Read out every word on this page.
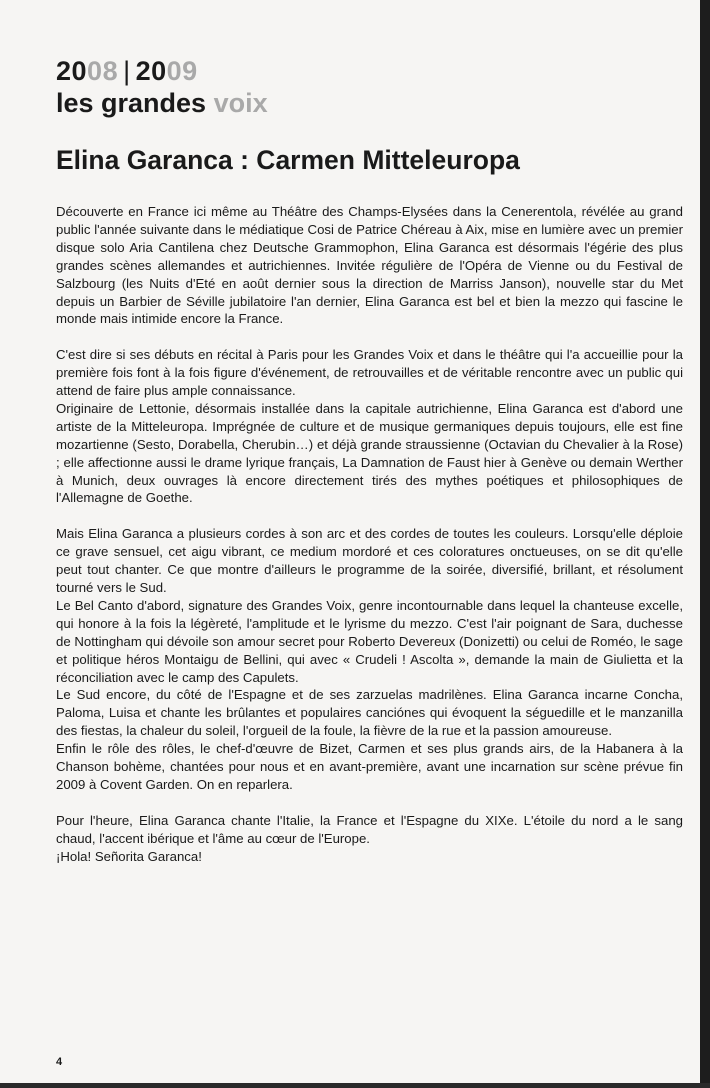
2008 | 2009
les grandes voix
Elina Garanca : Carmen Mitteleuropa

Découverte en France ici même au Théâtre des Champs-Elysées dans la Cenerentola, révélée au grand public l'année suivante dans le médiatique Cosi de Patrice Chéreau à Aix, mise en lumière avec un premier disque solo Aria Cantilena chez Deutsche Grammophon, Elina Garanca est désormais l'égérie des plus grandes scènes allemandes et autrichiennes. Invitée régulière de l'Opéra de Vienne ou du Festival de Salzbourg (les Nuits d'Eté en août dernier sous la direction de Marriss Janson), nouvelle star du Met depuis un Barbier de Séville jubilatoire l'an dernier, Elina Garanca est bel et bien la mezzo qui fascine le monde mais intimide encore la France.

C'est dire si ses débuts en récital à Paris pour les Grandes Voix et dans le théâtre qui l'a accueillie pour la première fois font à la fois figure d'événement, de retrouvailles et de véritable rencontre avec un public qui attend de faire plus ample connaissance.

Originaire de Lettonie, désormais installée dans la capitale autrichienne, Elina Garanca est d'abord une artiste de la Mitteleuropa. Imprégnée de culture et de musique germaniques depuis toujours, elle est fine mozartienne (Sesto, Dorabella, Cherubin…) et déjà grande straussienne (Octavian du Chevalier à la Rose) ; elle affectionne aussi le drame lyrique français, La Damnation de Faust hier à Genève ou demain Werther à Munich, deux ouvrages là encore directement tirés des mythes poétiques et philosophiques de l'Allemagne de Goethe.

Mais Elina Garanca a plusieurs cordes à son arc et des cordes de toutes les couleurs. Lorsqu'elle déploie ce grave sensuel, cet aigu vibrant, ce medium mordoré et ces coloratures onctueuses, on se dit qu'elle peut tout chanter. Ce que montre d'ailleurs le programme de la soirée, diversifié, brillant, et résolument tourné vers le Sud.

Le Bel Canto d'abord, signature des Grandes Voix, genre incontournable dans lequel la chanteuse excelle, qui honore à la fois la légèreté, l'amplitude et le lyrisme du mezzo. C'est l'air poignant de Sara, duchesse de Nottingham qui dévoile son amour secret pour Roberto Devereux (Donizetti) ou celui de Roméo, le sage et politique héros Montaigu de Bellini, qui avec « Crudeli ! Ascolta », demande la main de Giulietta et la réconciliation avec le camp des Capulets.

Le Sud encore, du côté de l'Espagne et de ses zarzuelas madrilènes. Elina Garanca incarne Concha, Paloma, Luisa et chante les brûlantes et populaires canciónes qui évoquent la séguedille et le manzanilla des fiestas, la chaleur du soleil, l'orgueil de la foule, la fièvre de la rue et la passion amoureuse.

Enfin le rôle des rôles, le chef-d'œuvre de Bizet, Carmen et ses plus grands airs, de la Habanera à la Chanson bohème, chantées pour nous et en avant-première, avant une incarnation sur scène prévue fin 2009 à Covent Garden. On en reparlera.

Pour l'heure, Elina Garanca chante l'Italie, la France et l'Espagne du XIXe. L'étoile du nord a le sang chaud, l'accent ibérique et l'âme au cœur de l'Europe.

¡Hola! Señorita Garanca!

4
